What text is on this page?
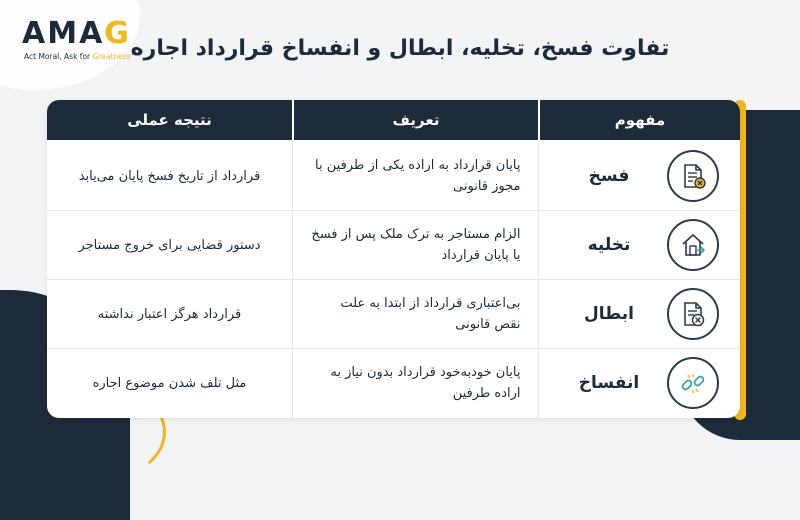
AMAG
Act Moral, Ask for Greatness تفاوت فسخ، تخلیه، ابطال و انفساخ قرارداد اجاره
نتیجه عملی	تعریف	مفهوم
فسخ
پایان قرارداد به اراده یکی از طرفین با مجوز قانونی
قرارداد از تاریخ فسخ پایان می‌یابد
تخلیه
الزام مستاجر به ترک ملک پس از فسخ یا پایان قرارداد
دستور قضایی برای خروج مستاجر
ابطال
بی‌اعتباری قرارداد از ابتدا به علت نقص قانونی
قرارداد هرگز اعتبار نداشته
انفساخ
پایان خودبه‌خود قرارداد بدون نیاز به اراده طرفین
مثل تلف شدن موضوع اجاره
